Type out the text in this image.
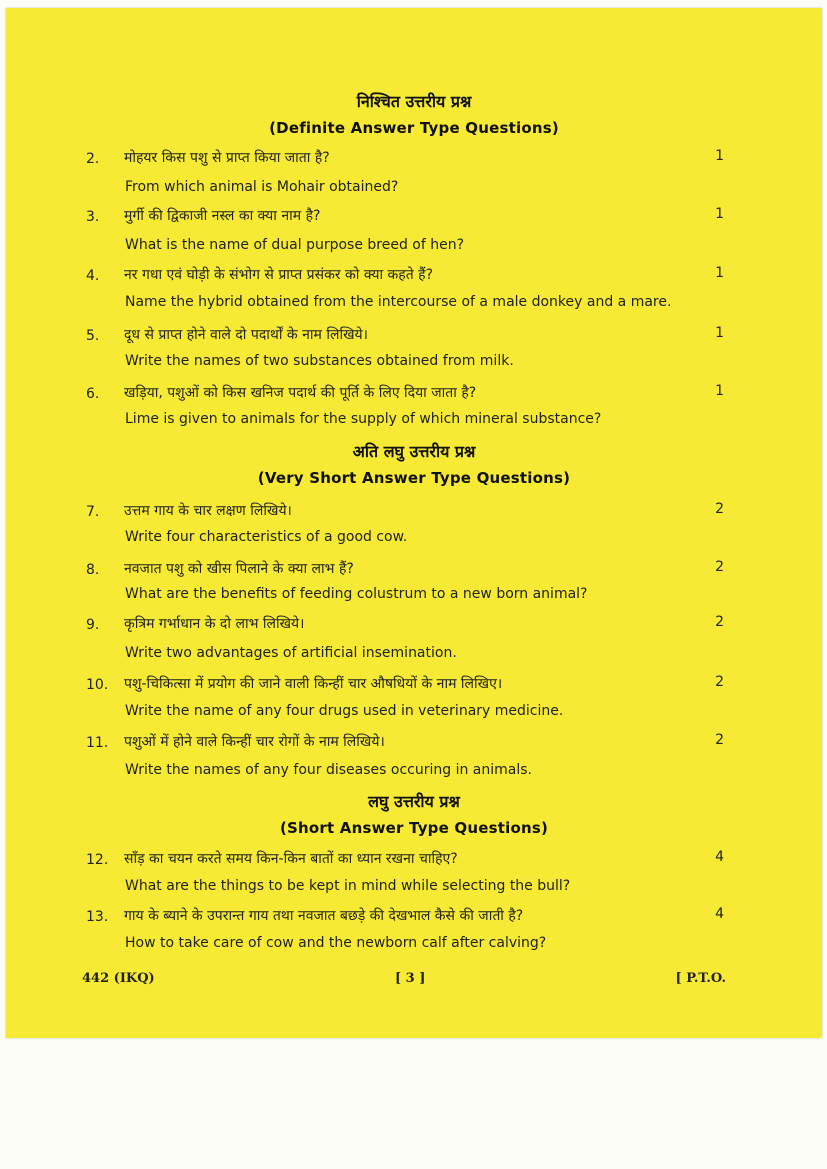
निश्चित उत्तरीय प्रश्न
(Definite Answer Type Questions)
2. मोहयर किस पशु से प्राप्त किया जाता है?	1
From which animal is Mohair obtained?
3. मुर्गी की द्विकाजी नस्ल का क्या नाम है?	1
What is the name of dual purpose breed of hen?
4. नर गधा एवं घोड़ी के संभोग से प्राप्त प्रसंकर को क्या कहते हैं?	1
Name the hybrid obtained from the intercourse of a male donkey and a mare.
5. दूध से प्राप्त होने वाले दो पदार्थों के नाम लिखिये।	1
Write the names of two substances obtained from milk.
6. खड़िया, पशुओं को किस खनिज पदार्थ की पूर्ति के लिए दिया जाता है?	1
Lime is given to animals for the supply of which mineral substance?
अति लघु उत्तरीय प्रश्न
(Very Short Answer Type Questions)
7. उत्तम गाय के चार लक्षण लिखिये।	2
Write four characteristics of a good cow.
8. नवजात पशु को खीस पिलाने के क्या लाभ हैं?	2
What are the benefits of feeding colustrum to a new born animal?
9. कृत्रिम गर्भाधान के दो लाभ लिखिये।	2
Write two advantages of artificial insemination.
10. पशु-चिकित्सा में प्रयोग की जाने वाली किन्हीं चार औषधियों के नाम लिखिए।	2
Write the name of any four drugs used in veterinary medicine.
11. पशुओं में होने वाले किन्हीं चार रोगों के नाम लिखिये।	2
Write the names of any four diseases occuring in animals.
लघु उत्तरीय प्रश्न
(Short Answer Type Questions)
12. साँड़ का चयन करते समय किन-किन बातों का ध्यान रखना चाहिए?	4
What are the things to be kept in mind while selecting the bull?
13. गाय के ब्याने के उपरान्त गाय तथा नवजात बछड़े की देखभाल कैसे की जाती है?	4
How to take care of cow and the newborn calf after calving?
442 (IKQ)	[ 3 ]	[ P.T.O.
